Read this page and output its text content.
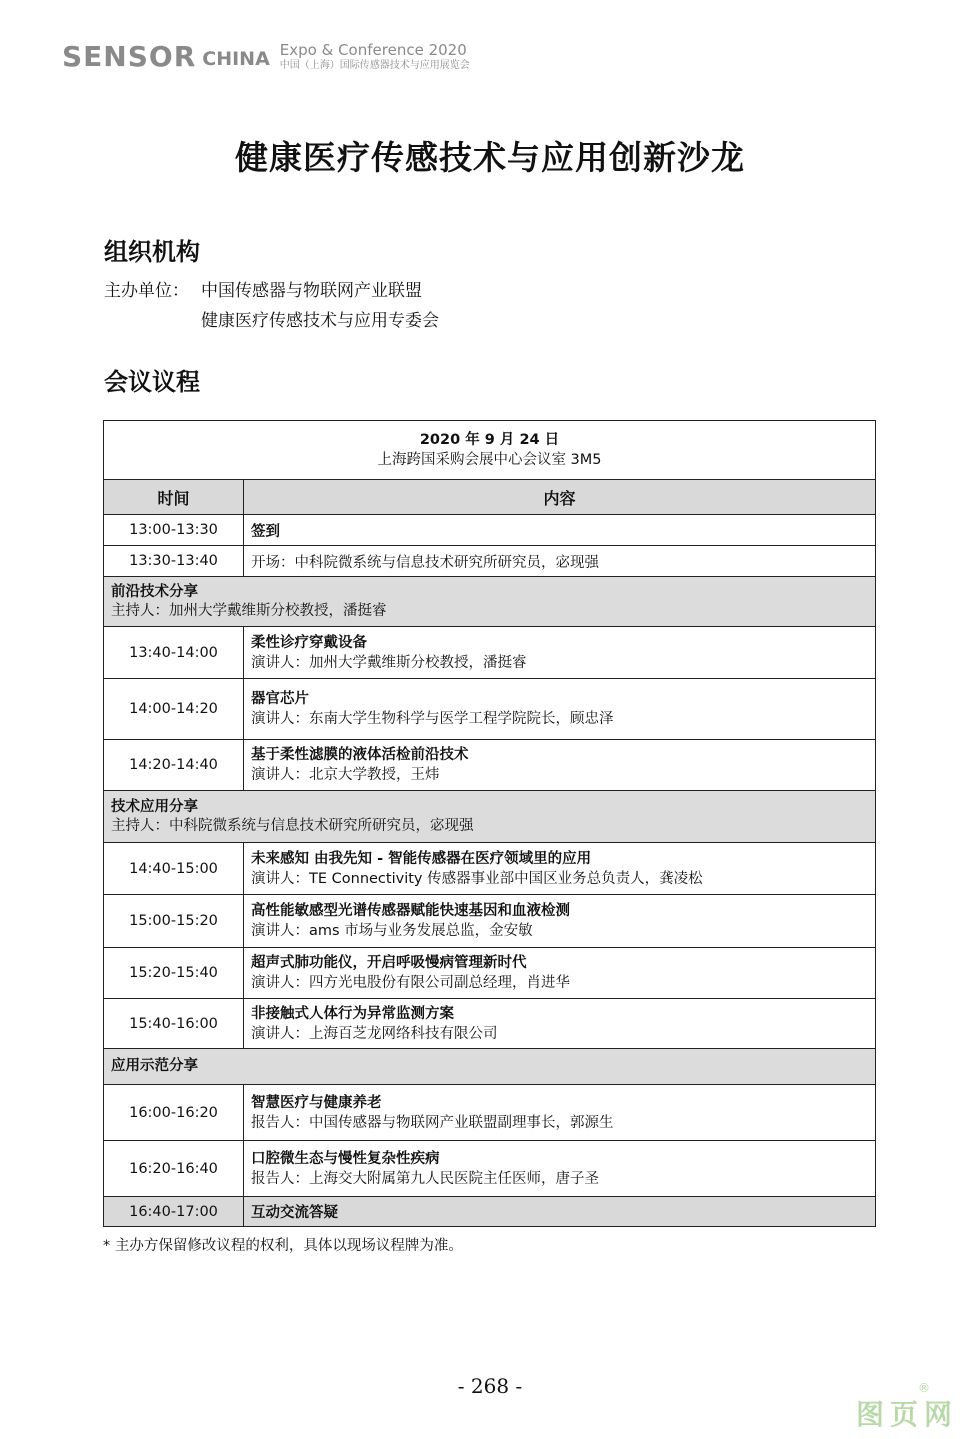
SENSOR CHINA Expo & Conference 2020
中国（上海）国际传感器技术与应用展览会
健康医疗传感技术与应用创新沙龙
组织机构
主办单位： 中国传感器与物联网产业联盟
健康医疗传感技术与应用专委会
会议议程
2020 年 9 月 24 日
上海跨国采购会展中心会议室 3M5	

时间	内容
13:00-13:30	签到
13:30-13:40	开场：中科院微系统与信息技术研究所研究员，宓现强

前沿技术分享
主持人：加州大学戴维斯分校教授，潘挺睿	

13:40-14:00	柔性诊疗穿戴设备
演讲人：加州大学戴维斯分校教授，潘挺睿

14:00-14:20	器官芯片
演讲人：东南大学生物科学与医学工程学院院长，顾忠泽

14:20-14:40	基于柔性滤膜的液体活检前沿技术
演讲人：北京大学教授，王炜

技术应用分享
主持人：中科院微系统与信息技术研究所研究员，宓现强	

14:40-15:00	未来感知 由我先知 - 智能传感器在医疗领域里的应用
演讲人：TE Connectivity 传感器事业部中国区业务总负责人，龚凌松

15:00-15:20	高性能敏感型光谱传感器赋能快速基因和血液检测
演讲人：ams 市场与业务发展总监，金安敏

15:20-15:40	超声式肺功能仪，开启呼吸慢病管理新时代
演讲人：四方光电股份有限公司副总经理，肖进华

15:40-16:00	非接触式人体行为异常监测方案
演讲人：上海百芝龙网络科技有限公司

应用示范分享	

16:00-16:20	智慧医疗与健康养老
报告人：中国传感器与物联网产业联盟副理事长，郭源生

16:20-16:40	口腔微生态与慢性复杂性疾病
报告人：上海交大附属第九人民医院主任医师，唐子圣

16:40-17:00	互动交流答疑
* 主办方保留修改议程的权利，具体以现场议程牌为准。
- 268 -	®
图页网
